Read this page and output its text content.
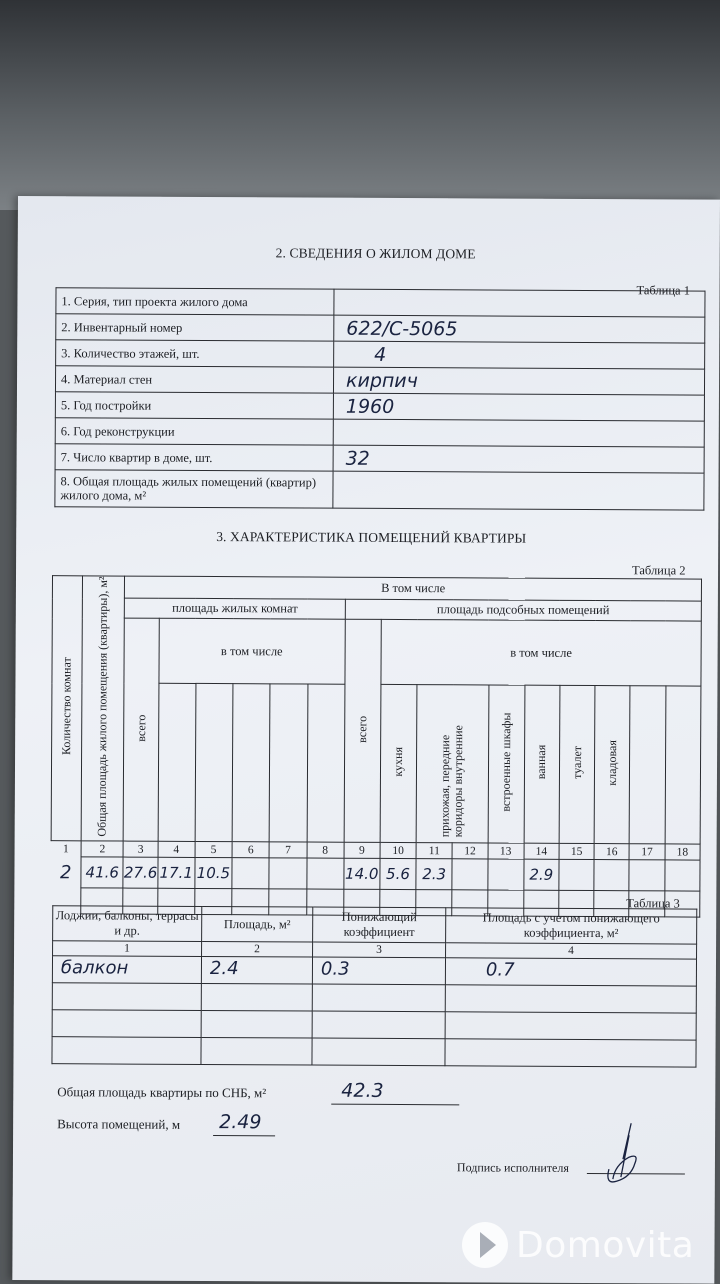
2. СВЕДЕНИЯ О ЖИЛОМ ДОМЕ
Таблица 1
1. Серия, тип проекта жилого дома	

2. Инвентарный номер	622/С-5065

3. Количество этажей, шт.	4

4. Материал стен	кирпич

5. Год постройки	1960

6. Год реконструкции	

7. Число квартир в доме, шт.	32

8. Общая площадь жилых помещений (квартир) жилого дома, м²	
3. ХАРАКТЕРИСТИКА ПОМЕЩЕНИЙ КВАРТИРЫ
Таблица 2
Количество комнат	Общая площадь жилого помещения (квартиры), м²	В том числе															
		площадь жилых комнат						площадь подсобных помещений									
		всего	в том числе					всего	в том числе								
									кухня	прихожая, передние коридоры внутренние		встроенные шкафы	ванная	туалет	кладовая		
1	2	3	4	5	6	7	8	9	10	11	12	13	14	15	16	17	18
2	41.6	27.6	17.1	10.5				14.0	5.6	2.3			2.9				

Таблица 3
Лоджии, балконы, террасы и др.	Площадь, м²	Понижающий коэффициент	Площадь с учетом понижающего коэффициента, м²
1	2	3	4

балкон	2.4	0.3	0.7

Общая площадь квартиры по СНБ, м²	42.3
Высота помещений, м 2.49
Подпись исполнителя
Domovita
